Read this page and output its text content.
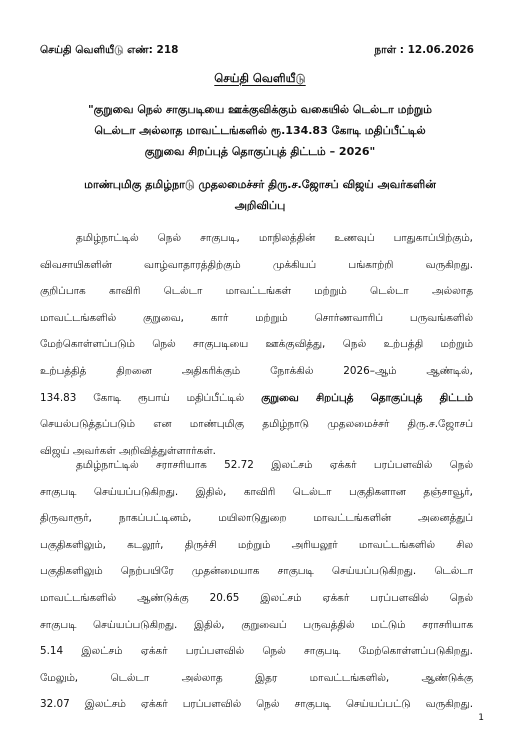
செய்தி வெளியீடு எண்: 218	நாள் : 12.06.2026
செய்தி வெளியீடு
"குறுவை நெல் சாகுபடியை ஊக்குவிக்கும் வகையில் டெல்டா மற்றும்
டெல்டா அல்லாத மாவட்டங்களில் ரூ.134.83 கோடி மதிப்பீட்டில்
குறுவை சிறப்புத் தொகுப்புத் திட்டம் – 2026"
மாண்புமிகு தமிழ்நாடு முதலமைச்சர் திரு.ச.ஜோசப் விஜய் அவர்களின்
அறிவிப்பு
தமிழ்நாட்டில் நெல் சாகுபடி, மாநிலத்தின் உணவுப் பாதுகாப்பிற்கும்,
விவசாயிகளின் வாழ்வாதாரத்திற்கும் முக்கியப் பங்காற்றி வருகிறது.
குறிப்பாக காவிரி டெல்டா மாவட்டங்கள் மற்றும் டெல்டா அல்லாத
மாவட்டங்களில் குறுவை, கார் மற்றும் சொர்ணவாரிப் பருவங்களில்
மேற்கொள்ளப்படும் நெல் சாகுபடியை ஊக்குவித்து, நெல் உற்பத்தி மற்றும்
உற்பத்தித் திறனை அதிகரிக்கும் நோக்கில் 2026–ஆம் ஆண்டில்,
134.83 கோடி ரூபாய் மதிப்பீட்டில் குறுவை சிறப்புத் தொகுப்புத் திட்டம்
செயல்படுத்தப்படும் என மாண்புமிகு தமிழ்நாடு முதலமைச்சர் திரு.ச.ஜோசப்
விஜய் அவர்கள் அறிவித்துள்ளார்கள்.
தமிழ்நாட்டில் சராசரியாக 52.72 இலட்சம் ஏக்கர் பரப்பளவில் நெல்
சாகுபடி செய்யப்படுகிறது. இதில், காவிரி டெல்டா பகுதிகளான தஞ்சாவூர்,
திருவாரூர், நாகப்பட்டினம், மயிலாடுதுறை மாவட்டங்களின் அனைத்துப்
பகுதிகளிலும், கடலூர், திருச்சி மற்றும் அரியலூர் மாவட்டங்களில் சில
பகுதிகளிலும் நெற்பயிரே முதன்மையாக சாகுபடி செய்யப்படுகிறது. டெல்டா
மாவட்டங்களில் ஆண்டுக்கு 20.65 இலட்சம் ஏக்கர் பரப்பளவில் நெல்
சாகுபடி செய்யப்படுகிறது. இதில், குறுவைப் பருவத்தில் மட்டும் சராசரியாக
5.14 இலட்சம் ஏக்கர் பரப்பளவில் நெல் சாகுபடி மேற்கொள்ளப்படுகிறது.
மேலும், டெல்டா அல்லாத இதர மாவட்டங்களில், ஆண்டுக்கு
32.07 இலட்சம் ஏக்கர் பரப்பளவில் நெல் சாகுபடி செய்யப்பட்டு வருகிறது.
1
